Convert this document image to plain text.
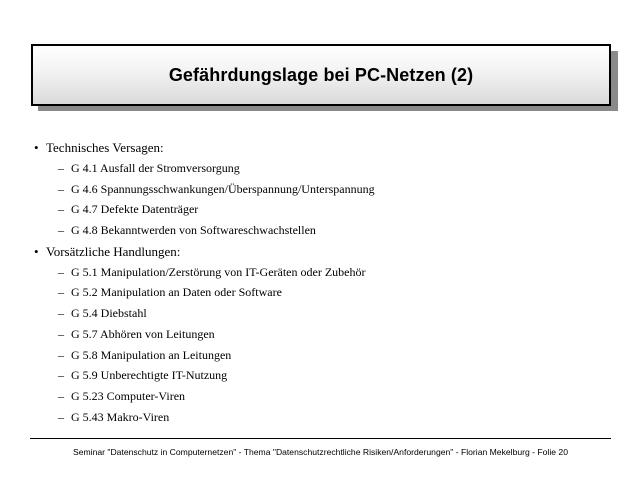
Gefährdungslage bei PC-Netzen (2)
• Technisches Versagen:
– G 4.1 Ausfall der Stromversorgung
– G 4.6 Spannungsschwankungen/Überspannung/Unterspannung
– G 4.7 Defekte Datenträger
– G 4.8 Bekanntwerden von Softwareschwachstellen
• Vorsätzliche Handlungen:
– G 5.1 Manipulation/Zerstörung von IT-Geräten oder Zubehör
– G 5.2 Manipulation an Daten oder Software
– G 5.4 Diebstahl
– G 5.7 Abhören von Leitungen
– G 5.8 Manipulation an Leitungen
– G 5.9 Unberechtigte IT-Nutzung
– G 5.23 Computer-Viren
– G 5.43 Makro-Viren
Seminar "Datenschutz in Computernetzen" - Thema "Datenschutzrechtliche Risiken/Anforderungen" - Florian Mekelburg - Folie 20
